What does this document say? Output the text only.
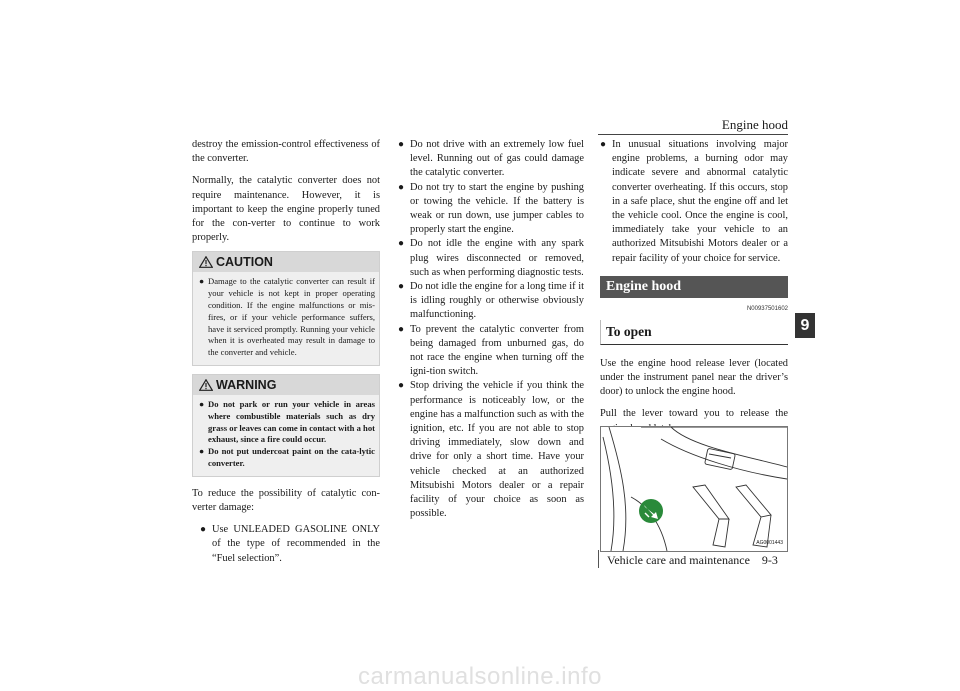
Engine hood

destroy the emission-control effectiveness of the converter.

Normally, the catalytic converter does not require maintenance. However, it is important to keep the engine properly tuned for the con-verter to continue to work properly.

CAUTION

● Damage to the catalytic converter can result if your vehicle is not kept in proper operating condition. If the engine malfunctions or mis-fires, or if your vehicle performance suffers, have it serviced promptly. Running your vehicle when it is overheated may result in damage to the converter and vehicle.

WARNING

● Do not park or run your vehicle in areas where combustible materials such as dry grass or leaves can come in contact with a hot exhaust, since a fire could occur.

● Do not put undercoat paint on the cata-lytic converter.

To reduce the possibility of catalytic con-verter damage:

● Use UNLEADED GASOLINE ONLY of the type of recommended in the “Fuel selection”.

● Do not drive with an extremely low fuel level. Running out of gas could damage the catalytic converter.

● Do not try to start the engine by pushing or towing the vehicle. If the battery is weak or run down, use jumper cables to properly start the engine.

● Do not idle the engine with any spark plug wires disconnected or removed, such as when performing diagnostic tests.

● Do not idle the engine for a long time if it is idling roughly or otherwise obviously malfunctioning.

● To prevent the catalytic converter from being damaged from unburned gas, do not race the engine when turning off the igni-tion switch.

● Stop driving the vehicle if you think the performance is noticeably low, or the engine has a malfunction such as with the ignition, etc. If you are not able to stop driving immediately, slow down and drive for only a short time. Have your vehicle checked at an authorized Mitsubishi Motors dealer or a repair facility of your choice as soon as possible.

● In unusual situations involving major engine problems, a burning odor may indicate severe and abnormal catalytic converter overheating. If this occurs, stop in a safe place, shut the engine off and let the vehicle cool. Once the engine is cool, immediately take your vehicle to an authorized Mitsubishi Motors dealer or a repair facility of your choice for service.

Engine hood
N00937501602
To open

Use the engine hood release lever (located under the instrument panel near the driver’s door) to unlock the engine hood.

Pull the lever toward you to release the

9
AG0001443
Vehicle care and maintenance    9-3
carmanualsonline.info
